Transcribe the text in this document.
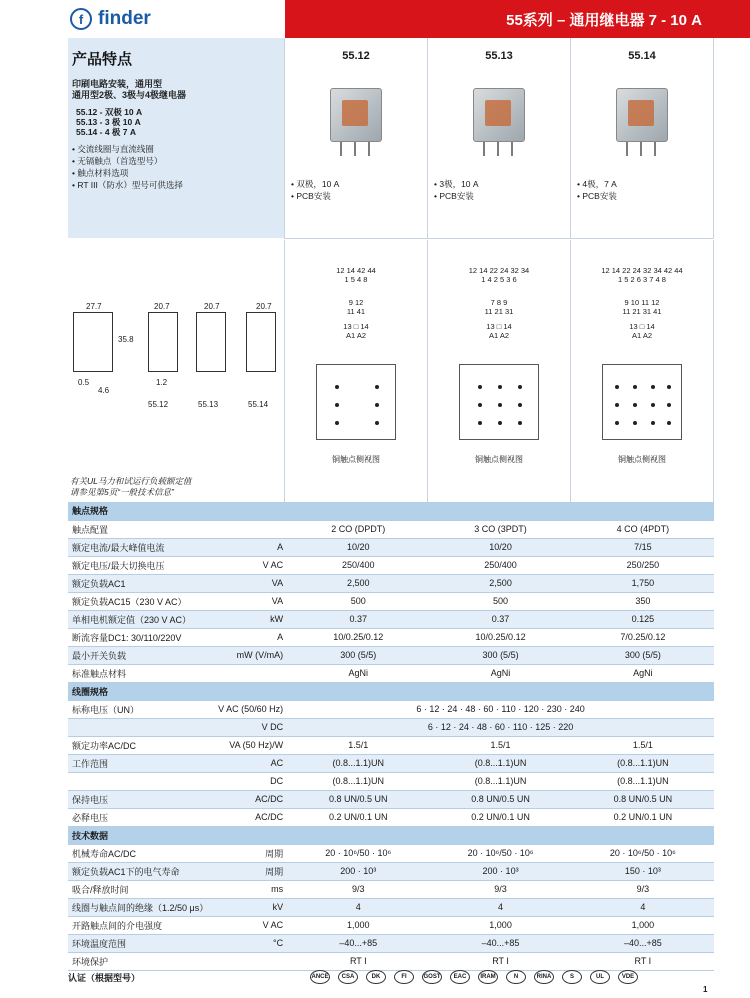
f finder	55系列 – 通用继电器 7 - 10 A
产品特点
印刷电路安装，通用型
通用型2极、3极与4极继电器
55.12 - 双极 10 A
55.13 - 3 极 10 A
55.14 - 4 极 7 A
• 交流线圈与直流线圈
• 无镉触点（首选型号）
• 触点材料选项
• RT III（防水）型号可供选择
55.12
• 双极，10 A
• PCB安装
55.13
• 3极，10 A
• PCB安装
55.14
• 4极，7 A
• PCB安装
27.7
35.8
0.5
4.6
20.7
1.2
55.12
20.7
55.13
20.7
55.14
有关UL马力和试运行负载额定值
请参见第5页“一般技术信息”
12 14 42 44
1 5 4 8
9 12
11 41
13 □ 14
A1 A2
铜触点侧视图
12 14 22 24 32 34
1 4 2 5 3 6
7 8 9
11 21 31
13 □ 14
A1 A2
铜触点侧视图
12 14 22 24 32 34 42 44
1 5 2 6 3 7 4 8
9 10 11 12
11 21 31 41
13 □ 14
A1 A2
铜触点侧视图
触点规格				
触点配置		2 CO (DPDT)	3 CO (3PDT)	4 CO (4PDT)
额定电流/最大峰值电流	A	10/20	10/20	7/15
额定电压/最大切换电压	V AC	250/400	250/400	250/250
额定负载AC1	VA	2,500	2,500	1,750
额定负载AC15（230 V AC）	VA	500	500	350
单相电机额定值（230 V AC）	kW	0.37	0.37	0.125
断流容量DC1: 30/110/220V	A	10/0.25/0.12	10/0.25/0.12	7/0.25/0.12
最小开关负载	mW (V/mA)	300 (5/5)	300 (5/5)	300 (5/5)
标准触点材料		AgNi	AgNi	AgNi
线圈规格				
标称电压（UN）	V AC (50/60 Hz)	6 · 12 · 24 · 48 · 60 · 110 · 120 · 230 · 240		
	V DC	6 · 12 · 24 · 48 · 60 · 110 · 125 · 220		
额定功率AC/DC	VA (50 Hz)/W	1.5/1	1.5/1	1.5/1
工作范围	AC	(0.8...1.1)UN	(0.8...1.1)UN	(0.8...1.1)UN
	DC	(0.8...1.1)UN	(0.8...1.1)UN	(0.8...1.1)UN
保持电压	AC/DC	0.8 UN/0.5 UN	0.8 UN/0.5 UN	0.8 UN/0.5 UN
必释电压	AC/DC	0.2 UN/0.1 UN	0.2 UN/0.1 UN	0.2 UN/0.1 UN
技术数据				
机械寿命AC/DC	周期	20 · 10⁶/50 · 10⁶	20 · 10⁶/50 · 10⁶	20 · 10⁶/50 · 10⁶
额定负载AC1下的电气寿命	周期	200 · 10³	200 · 10³	150 · 10³
吸合/释放时间	ms	9/3	9/3	9/3
线圈与触点间的绝缘（1.2/50 μs）	kV	4	4	4
开路触点间的介电强度	V AC	1,000	1,000	1,000
环境温度范围	°C	–40...+85	–40...+85	–40...+85
环境保护		RT I	RT I	RT I
认证（根据型号）	ANCE	CSA	DK	FI	GOST	EAC	IRAM	N	RINA	S	UL	VDE
1
